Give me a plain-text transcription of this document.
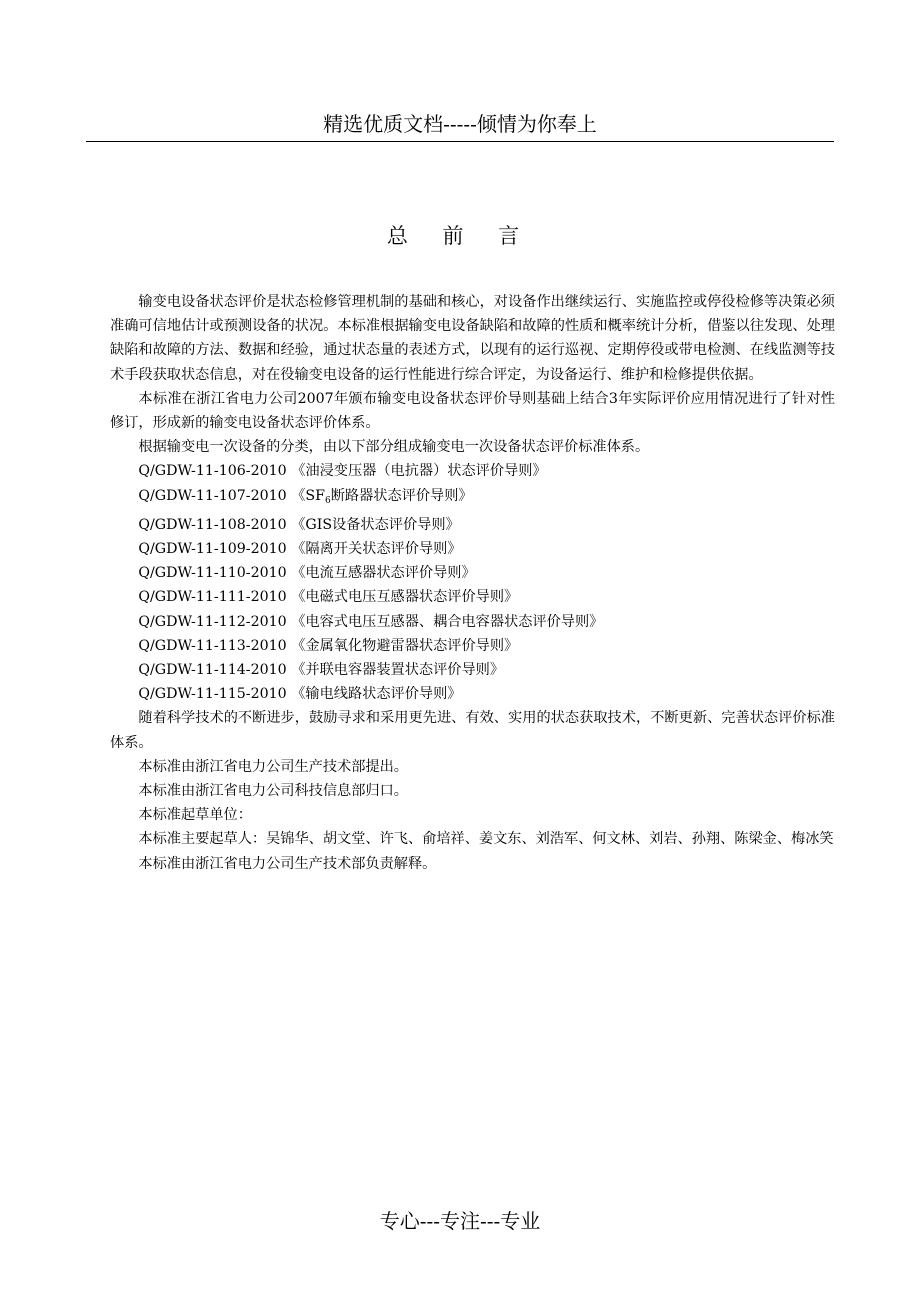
精选优质文档-----倾情为你奉上
总 前 言

输变电设备状态评价是状态检修管理机制的基础和核心，对设备作出继续运行、实施监控或停役检修等决策必须准确可信地估计或预测设备的状况。本标准根据输变电设备缺陷和故障的性质和概率统计分析，借鉴以往发现、处理缺陷和故障的方法、数据和经验，通过状态量的表述方式，以现有的运行巡视、定期停役或带电检测、在线监测等技术手段获取状态信息，对在役输变电设备的运行性能进行综合评定，为设备运行、维护和检修提供依据。

本标准在浙江省电力公司2007年颁布输变电设备状态评价导则基础上结合3年实际评价应用情况进行了针对性修订，形成新的输变电设备状态评价体系。

根据输变电一次设备的分类，由以下部分组成输变电一次设备状态评价标准体系。

Q/GDW-11-106-2010 《油浸变压器（电抗器）状态评价导则》

Q/GDW-11-107-2010 《$SF_6$断路器状态评价导则》

Q/GDW-11-108-2010 《GIS设备状态评价导则》

Q/GDW-11-109-2010 《隔离开关状态评价导则》

Q/GDW-11-110-2010 《电流互感器状态评价导则》

Q/GDW-11-111-2010 《电磁式电压互感器状态评价导则》

Q/GDW-11-112-2010 《电容式电压互感器、耦合电容器状态评价导则》

Q/GDW-11-113-2010 《金属氧化物避雷器状态评价导则》

Q/GDW-11-114-2010 《并联电容器装置状态评价导则》

Q/GDW-11-115-2010 《输电线路状态评价导则》

随着科学技术的不断进步，鼓励寻求和采用更先进、有效、实用的状态获取技术，不断更新、完善状态评价标准体系。

本标准由浙江省电力公司生产技术部提出。

本标准由浙江省电力公司科技信息部归口。

本标准起草单位：

本标准主要起草人：吴锦华、胡文堂、许飞、俞培祥、姜文东、刘浩军、何文林、刘岩、孙翔、陈梁金、梅冰笑

本标准由浙江省电力公司生产技术部负责解释。

专心---专注---专业
